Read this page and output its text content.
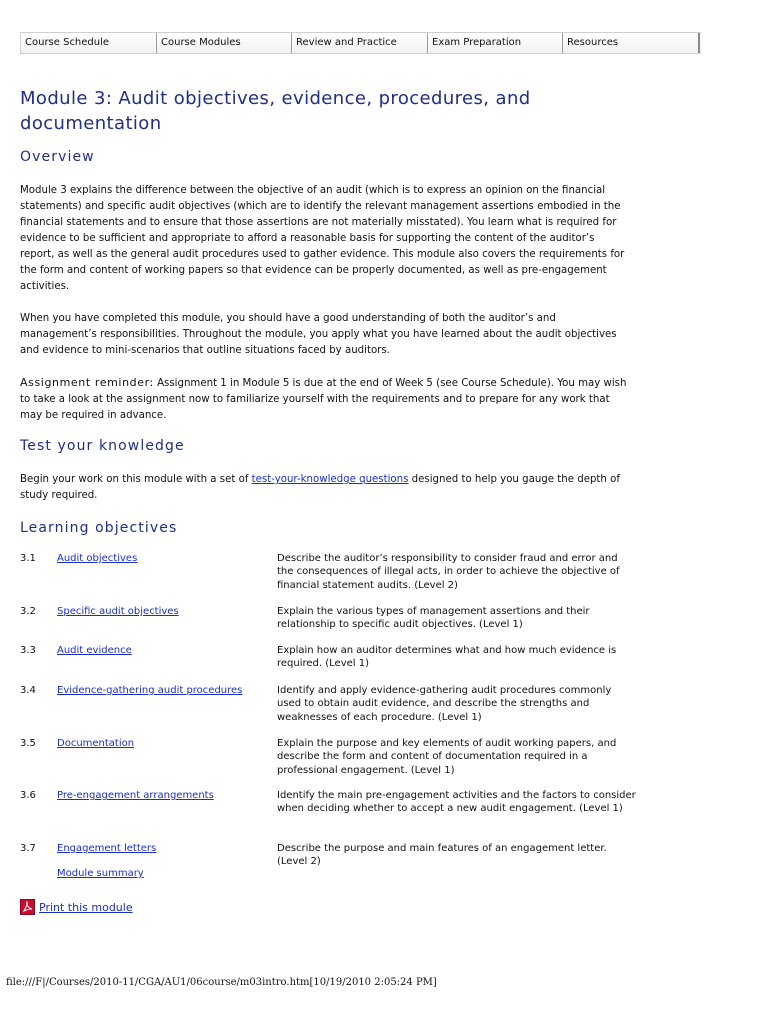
Course Schedule	Course Modules	Review and Practice	Exam Preparation	Resources
Module 3: Audit objectives, evidence, procedures, and documentation
Overview
Module 3 explains the difference between the objective of an audit (which is to express an opinion on the financial statements) and specific audit objectives (which are to identify the relevant management assertions embodied in the financial statements and to ensure that those assertions are not materially misstated). You learn what is required for evidence to be sufficient and appropriate to afford a reasonable basis for supporting the content of the auditor’s report, as well as the general audit procedures used to gather evidence. This module also covers the requirements for the form and content of working papers so that evidence can be properly documented, as well as pre-engagement activities.
When you have completed this module, you should have a good understanding of both the auditor’s and management’s responsibilities. Throughout the module, you apply what you have learned about the audit objectives and evidence to mini-scenarios that outline situations faced by auditors.
Assignment reminder: Assignment 1 in Module 5 is due at the end of Week 5 (see Course Schedule). You may wish to take a look at the assignment now to familiarize yourself with the requirements and to prepare for any work that may be required in advance.
Test your knowledge
Begin your work on this module with a set of test-your-knowledge questions designed to help you gauge the depth of study required.
Learning objectives
3.1 Audit objectives	Describe the auditor’s responsibility to consider fraud and error and the consequences of illegal acts, in order to achieve the objective of financial statement audits. (Level 2)
3.2 Specific audit objectives	Explain the various types of management assertions and their relationship to specific audit objectives. (Level 1)
3.3 Audit evidence	Explain how an auditor determines what and how much evidence is required. (Level 1)
3.4 Evidence-gathering audit procedures	Identify and apply evidence-gathering audit procedures commonly used to obtain audit evidence, and describe the strengths and weaknesses of each procedure. (Level 1)
3.5 Documentation	Explain the purpose and key elements of audit working papers, and describe the form and content of documentation required in a professional engagement. (Level 1)
3.6 Pre-engagement arrangements	Identify the main pre-engagement activities and the factors to consider when deciding whether to accept a new audit engagement. (Level 1)
3.7 Engagement letters	Describe the purpose and main features of an engagement letter. (Level 2)
Module summary
Print this module
file:///F|/Courses/2010-11/CGA/AU1/06course/m03intro.htm[10/19/2010 2:05:24 PM]
